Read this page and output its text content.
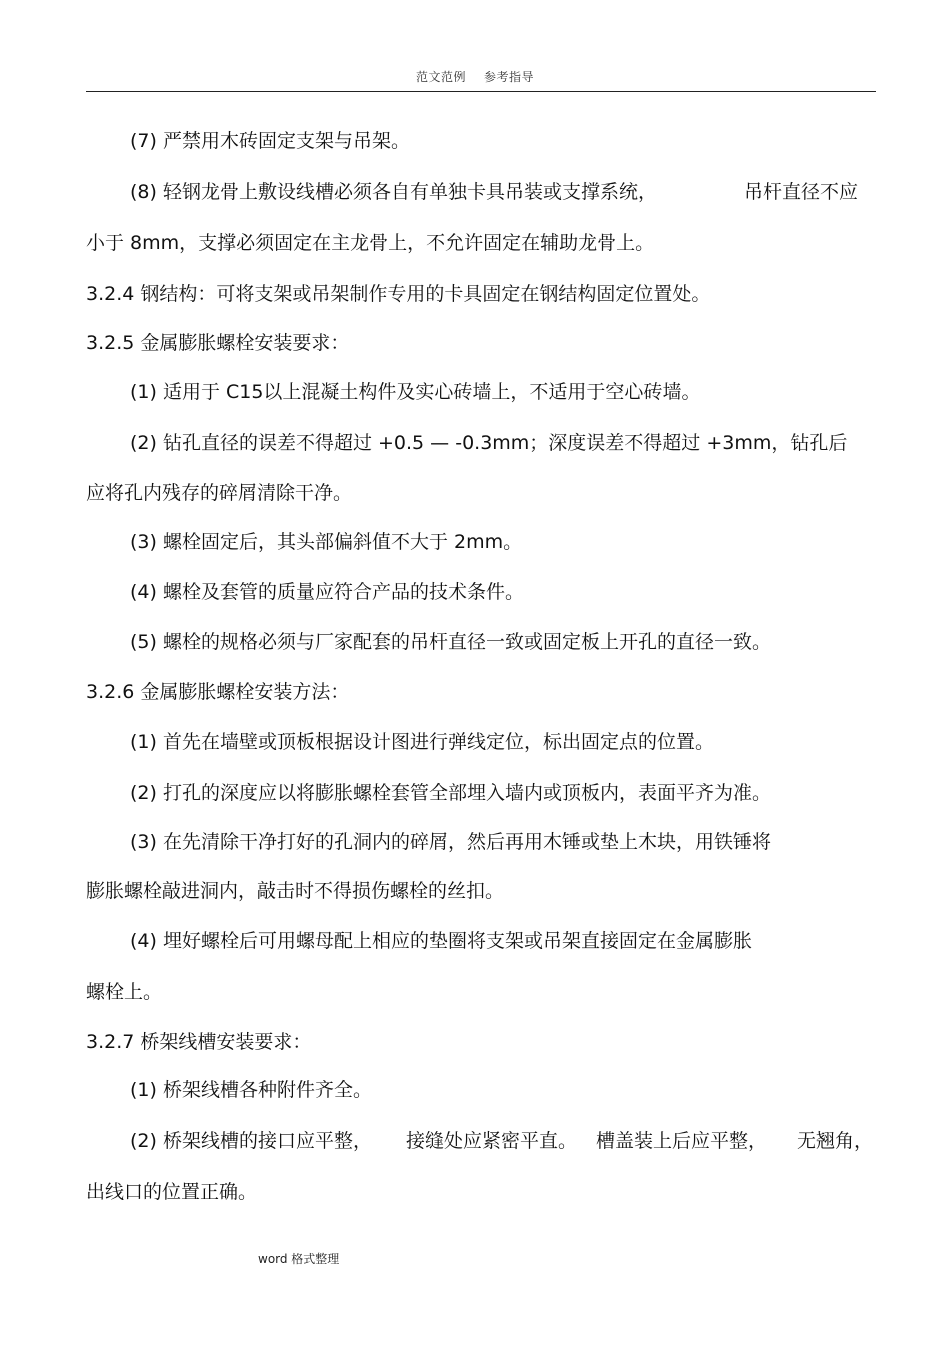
范文范例 参考指导
(7) 严禁用木砖固定支架与吊架。
(8) 轻钢龙骨上敷设线槽必须各自有单独卡具吊装或支撑系统，	吊杆直径不应
小于 8mm，支撑必须固定在主龙骨上，不允许固定在辅助龙骨上。
3.2.4 钢结构：可将支架或吊架制作专用的卡具固定在钢结构固定位置处。
3.2.5 金属膨胀螺栓安装要求：
(1) 适用于 C15以上混凝土构件及实心砖墙上，不适用于空心砖墙。
(2) 钻孔直径的误差不得超过 +0.5 — -0.3mm；深度误差不得超过 +3mm，钻孔后
应将孔内残存的碎屑清除干净。
(3) 螺栓固定后，其头部偏斜值不大于 2mm。
(4) 螺栓及套管的质量应符合产品的技术条件。
(5) 螺栓的规格必须与厂家配套的吊杆直径一致或固定板上开孔的直径一致。
3.2.6 金属膨胀螺栓安装方法：
(1) 首先在墙壁或顶板根据设计图进行弹线定位，标出固定点的位置。
(2) 打孔的深度应以将膨胀螺栓套管全部埋入墙内或顶板内，表面平齐为准。
(3) 在先清除干净打好的孔洞内的碎屑，然后再用木锤或垫上木块，用铁锤将
膨胀螺栓敲进洞内，敲击时不得损伤螺栓的丝扣。
(4) 埋好螺栓后可用螺母配上相应的垫圈将支架或吊架直接固定在金属膨胀
螺栓上。
3.2.7 桥架线槽安装要求：
(1) 桥架线槽各种附件齐全。
(2) 桥架线槽的接口应平整， 接缝处应紧密平直。 槽盖装上后应平整， 无翘角，
出线口的位置正确。
word 格式整理
